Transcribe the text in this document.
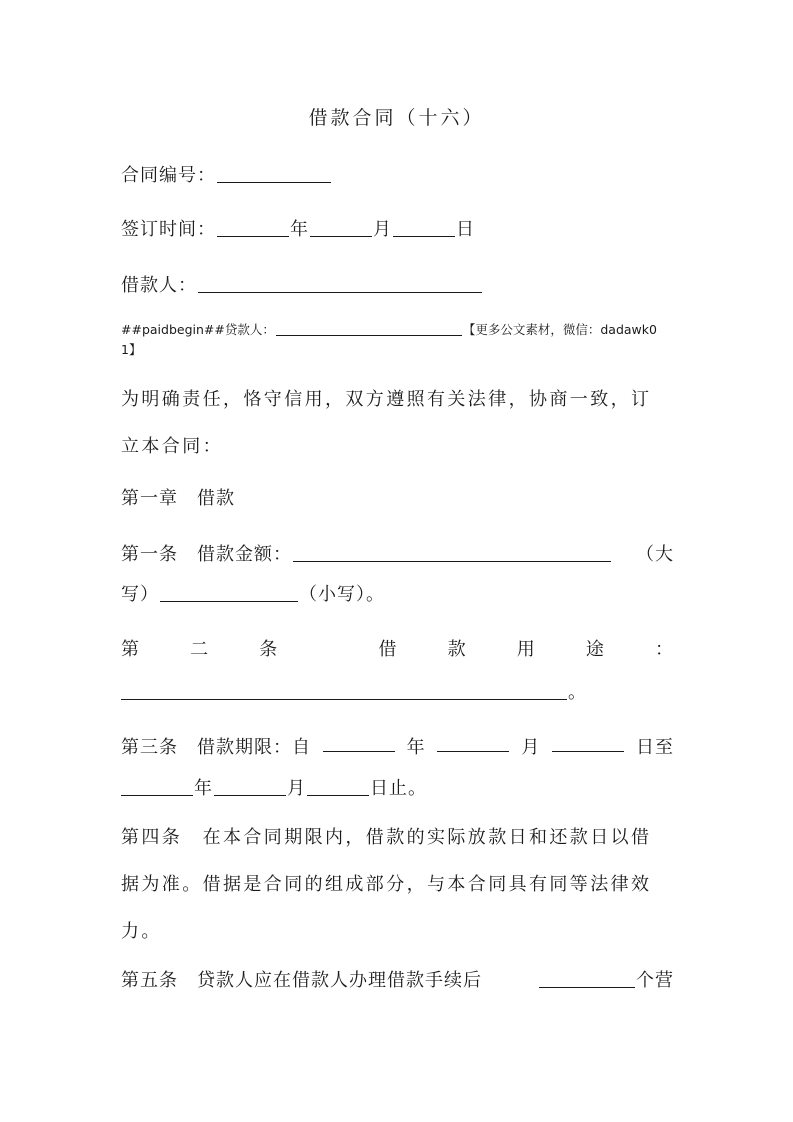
借款合同（十六）
合同编号：
签订时间：	年	月	日
借款人：
##paidbegin##贷款人：	【更多公文素材，微信：dadawk0
1】
为明确责任，恪守信用，双方遵照有关法律，协商一致，订
立本合同：
第一章　借款
第一条　借款金额：	（大
写）	（小写）。
第	二	条	借	款	用	途	：
。
第三条　借款期限：自	年	月	日至
年	月	日止。
第四条　在本合同期限内，借款的实际放款日和还款日以借
据为准。借据是合同的组成部分，与本合同具有同等法律效
力。
第五条　贷款人应在借款人办理借款手续后	个营
